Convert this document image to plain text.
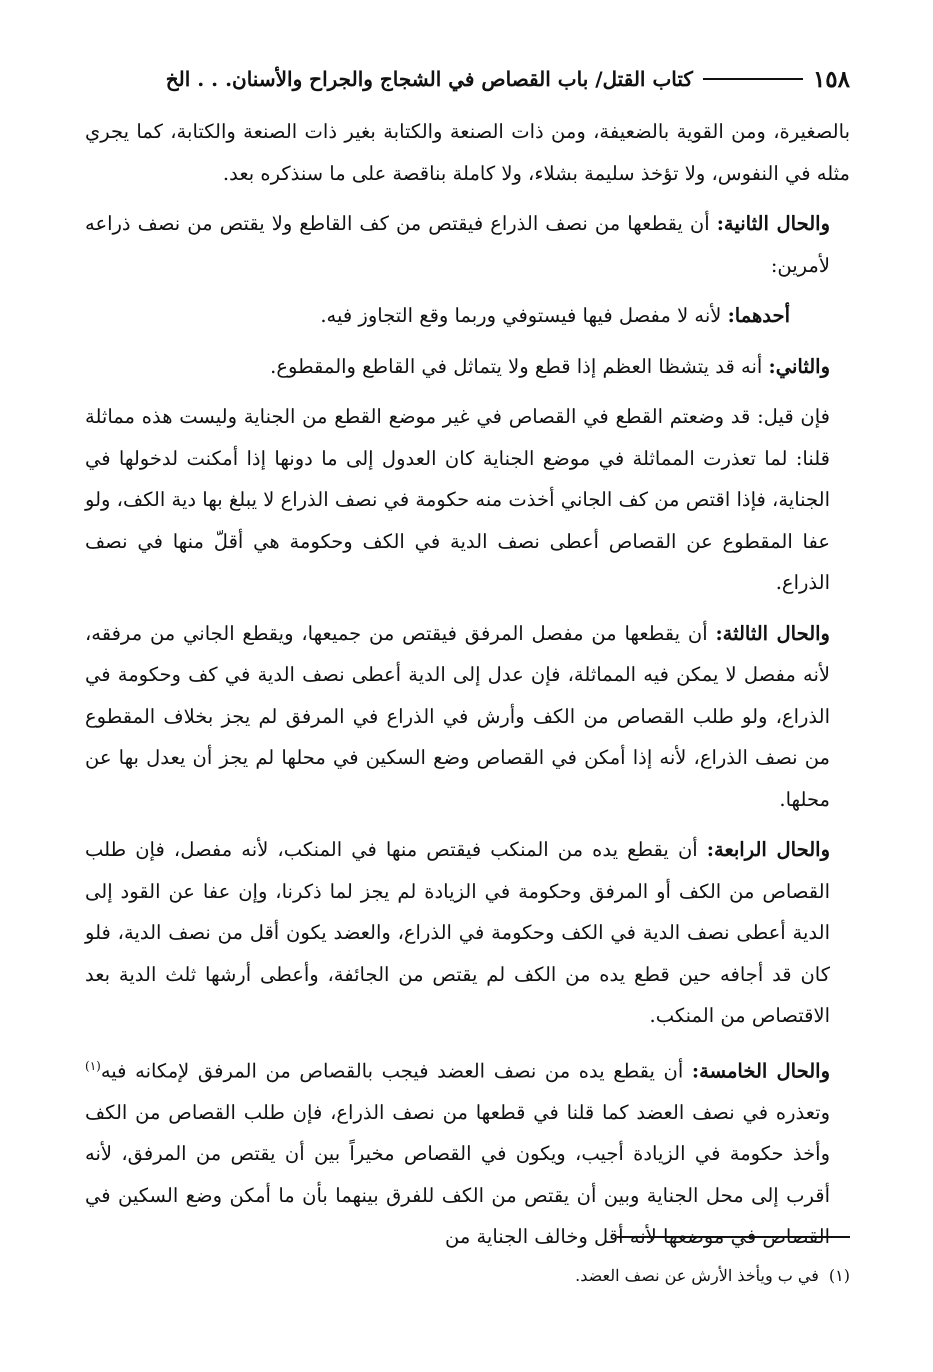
١٥٨
كتاب القتل/ باب القصاص في الشجاج والجراح والأسنان. . . الخ

بالصغيرة، ومن القوية بالضعيفة، ومن ذات الصنعة والكتابة بغير ذات الصنعة والكتابة، كما يجري مثله في النفوس، ولا تؤخذ سليمة بشلاء، ولا كاملة بناقصة على ما سنذكره بعد.

والحال الثانية: أن يقطعها من نصف الذراع فيقتص من كف القاطع ولا يقتص من نصف ذراعه لأمرين:

أحدهما: لأنه لا مفصل فيها فيستوفي وربما وقع التجاوز فيه.

والثاني: أنه قد يتشظا العظم إذا قطع ولا يتماثل في القاطع والمقطوع.

فإن قيل: قد وضعتم القطع في القصاص في غير موضع القطع من الجناية وليست هذه مماثلة قلنا: لما تعذرت المماثلة في موضع الجناية كان العدول إلى ما دونها إذا أمكنت لدخولها في الجناية، فإذا اقتص من كف الجاني أخذت منه حكومة في نصف الذراع لا يبلغ بها دية الكف، ولو عفا المقطوع عن القصاص أعطى نصف الدية في الكف وحكومة هي أقلّ منها في نصف الذراع.

والحال الثالثة: أن يقطعها من مفصل المرفق فيقتص من جميعها، ويقطع الجاني من مرفقه، لأنه مفصل لا يمكن فيه المماثلة، فإن عدل إلى الدية أعطى نصف الدية في كف وحكومة في الذراع، ولو طلب القصاص من الكف وأرش في الذراع في المرفق لم يجز بخلاف المقطوع من نصف الذراع، لأنه إذا أمكن في القصاص وضع السكين في محلها لم يجز أن يعدل بها عن محلها.

والحال الرابعة: أن يقطع يده من المنكب فيقتص منها في المنكب، لأنه مفصل، فإن طلب القصاص من الكف أو المرفق وحكومة في الزيادة لم يجز لما ذكرنا، وإن عفا عن القود إلى الدية أعطى نصف الدية في الكف وحكومة في الذراع، والعضد يكون أقل من نصف الدية، فلو كان قد أجافه حين قطع يده من الكف لم يقتص من الجائفة، وأعطى أرشها ثلث الدية بعد الاقتصاص من المنكب.

والحال الخامسة: أن يقطع يده من نصف العضد فيجب بالقصاص من المرفق لإمكانه فيه$^{(١)}$ وتعذره في نصف العضد كما قلنا في قطعها من نصف الذراع، فإن طلب القصاص من الكف وأخذ حكومة في الزيادة أجيب، ويكون في القصاص مخيراً بين أن يقتص من المرفق، لأنه أقرب إلى محل الجناية وبين أن يقتص من الكف للفرق بينهما بأن ما أمكن وضع السكين في القصاص في موضعها لأنه أقل وخالف الجناية من

(١)في ب ويأخذ الأرش عن نصف العضد.
